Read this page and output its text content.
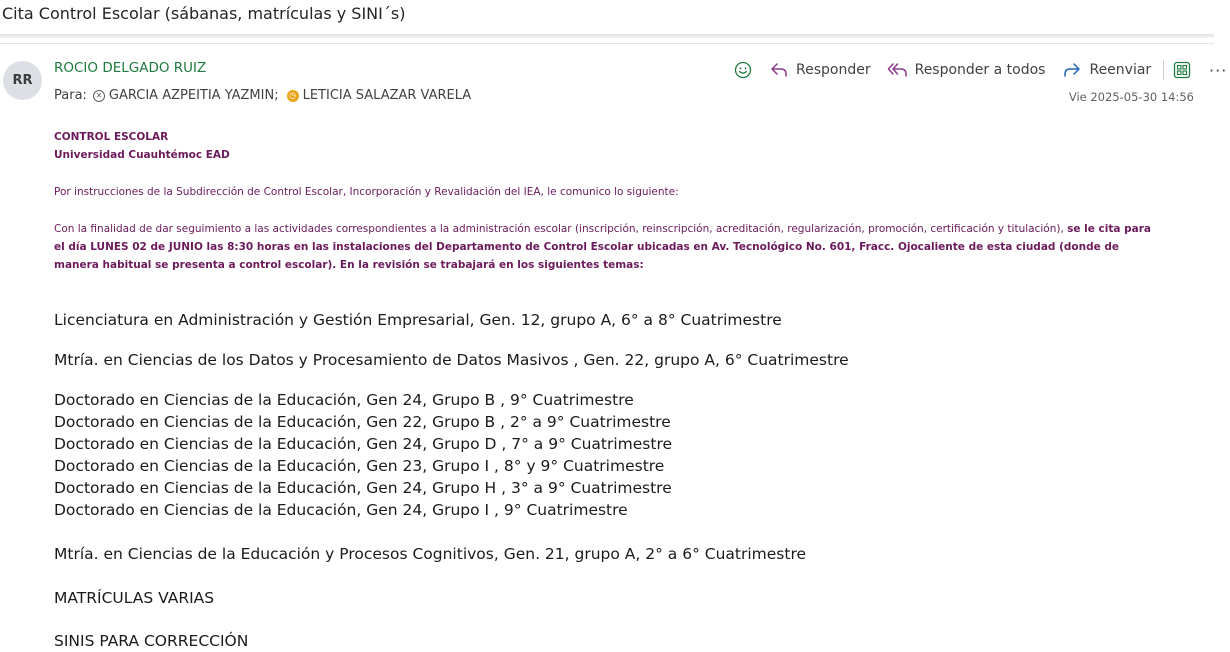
Cita Control Escolar (sábanas, matrículas y SINI´s)
RR
ROCIO DELGADO RUIZ
Para:	✕ GARCIA AZPEITIA YAZMIN;	◷ LETICIA SALAZAR VARELA
Responder	Responder a todos	Reenviar	···
Vie 2025-05-30 14:56
CONTROL ESCOLAR
Universidad Cuauhtémoc EAD
Por instrucciones de la Subdirección de Control Escolar, Incorporación y Revalidación del IEA, le comunico lo siguiente:
Con la finalidad de dar seguimiento a las actividades correspondientes a la administración escolar (inscripción, reinscripción, acreditación, regularización, promoción, certificación y titulación), se le cita para el día LUNES 02 de JUNIO las 8:30 horas en las instalaciones del Departamento de Control Escolar ubicadas en Av. Tecnológico No. 601, Fracc. Ojocaliente de esta ciudad (donde de manera habitual se presenta a control escolar). En la revisión se trabajará en los siguientes temas:
Licenciatura en Administración y Gestión Empresarial, Gen. 12, grupo A, 6° a 8° Cuatrimestre
Mtría. en Ciencias de los Datos y Procesamiento de Datos Masivos , Gen. 22, grupo A, 6° Cuatrimestre
Doctorado en Ciencias de la Educación, Gen 24, Grupo B , 9° Cuatrimestre
Doctorado en Ciencias de la Educación, Gen 22, Grupo B , 2° a 9° Cuatrimestre
Doctorado en Ciencias de la Educación, Gen 24, Grupo D , 7° a 9° Cuatrimestre
Doctorado en Ciencias de la Educación, Gen 23, Grupo I , 8° y 9° Cuatrimestre
Doctorado en Ciencias de la Educación, Gen 24, Grupo H , 3° a 9° Cuatrimestre
Doctorado en Ciencias de la Educación, Gen 24, Grupo I , 9° Cuatrimestre
Mtría. en Ciencias de la Educación y Procesos Cognitivos, Gen. 21, grupo A, 2° a 6° Cuatrimestre
MATRÍCULAS VARIAS
SINIS PARA CORRECCIÓN
